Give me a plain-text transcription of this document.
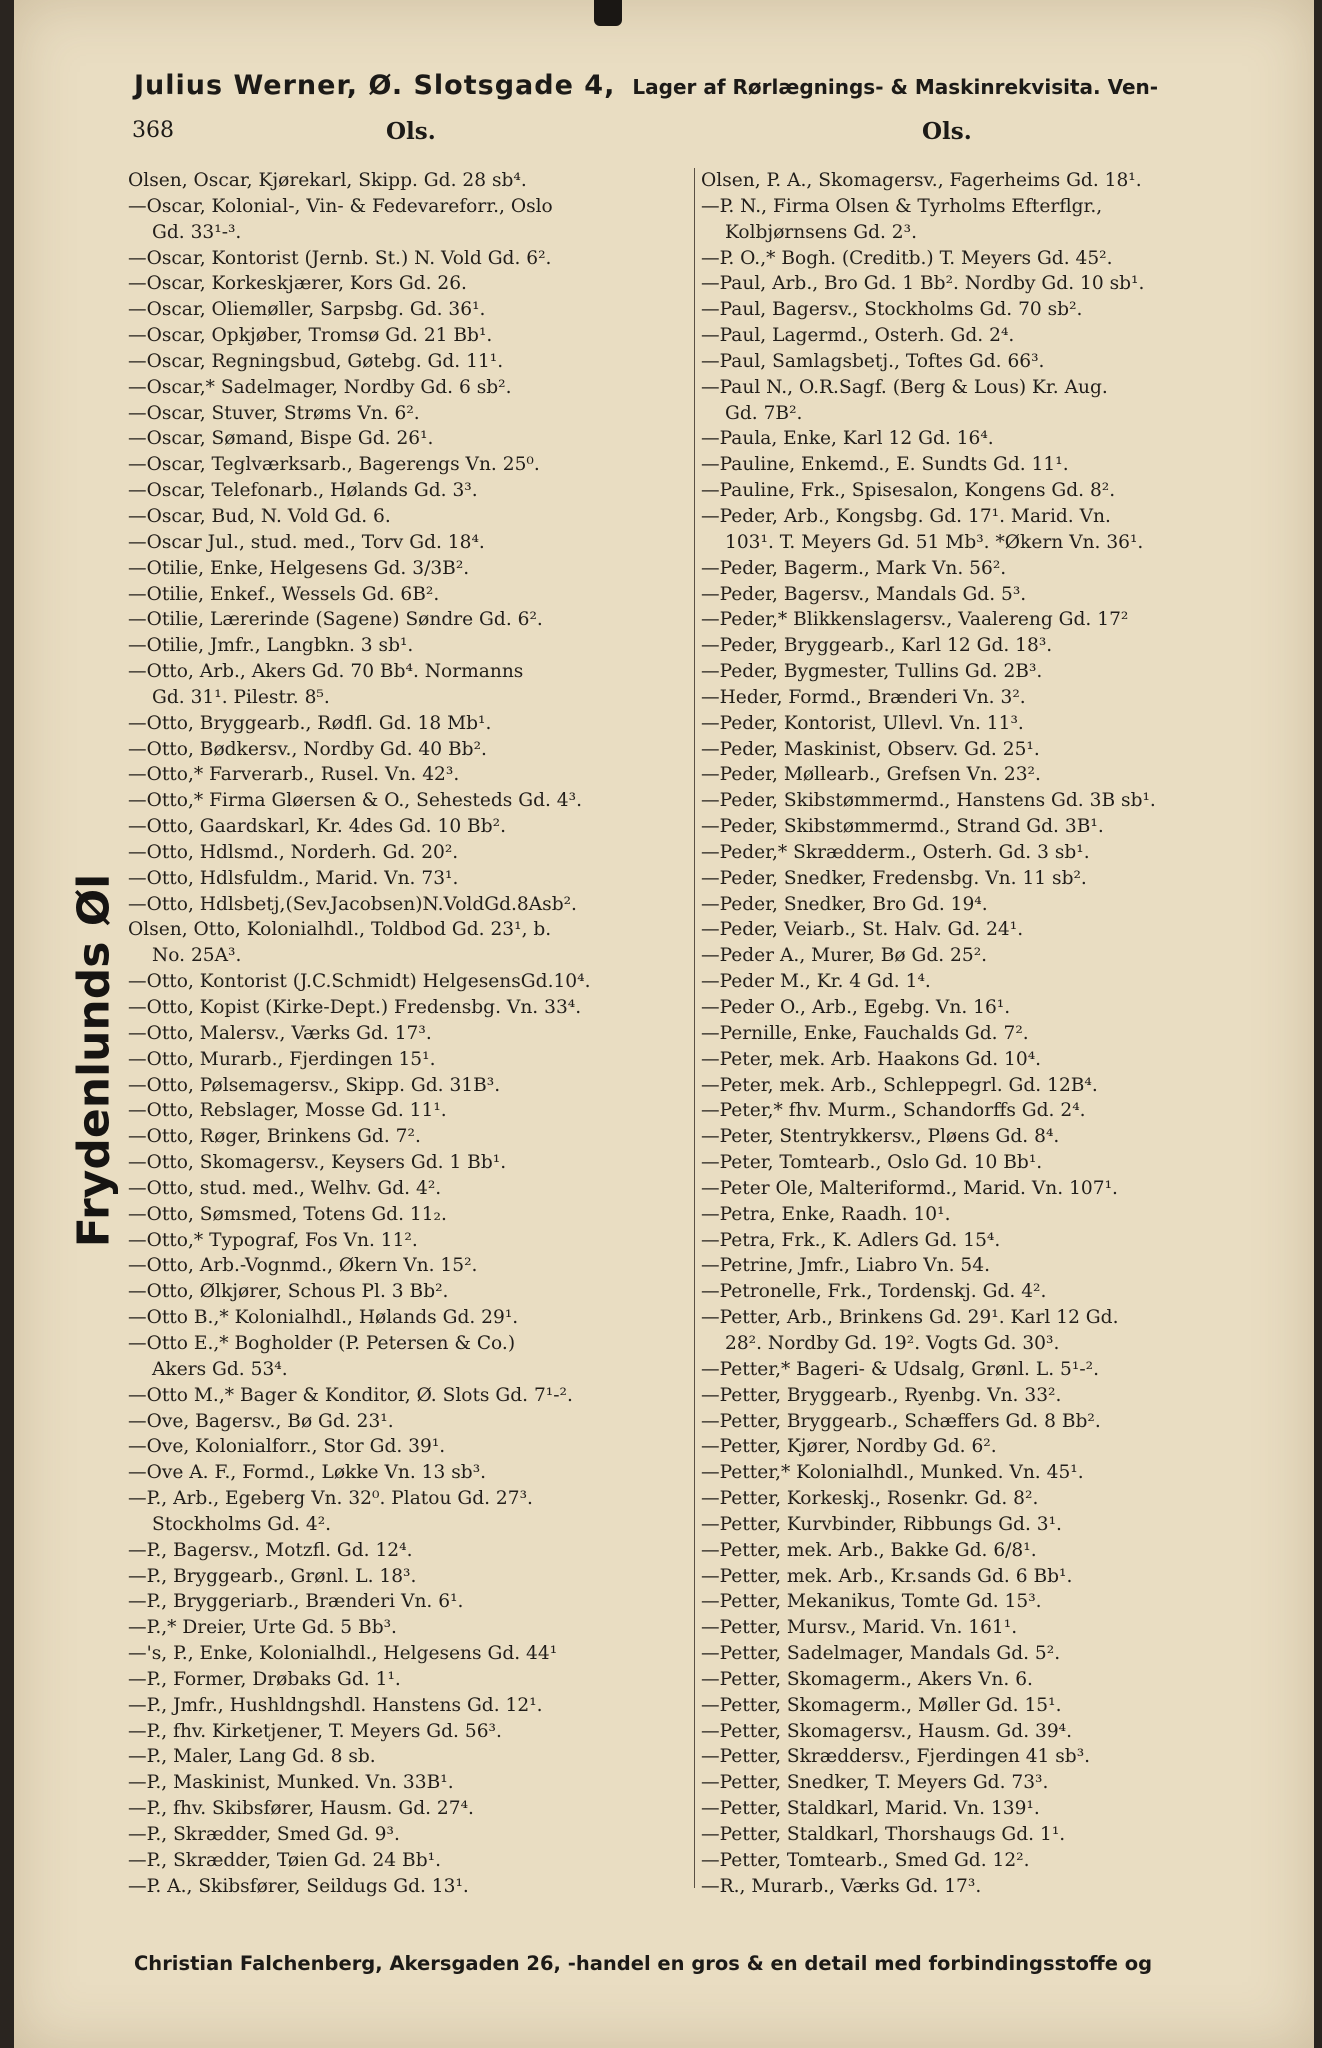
Julius Werner, Ø. Slotsgade 4, Lager af Rørlægnings- & Maskinrekvisita. Ven-
368	Ols.	Ols.
Frydenlunds Øl
Olsen, Oscar, Kjørekarl, Skipp. Gd. 28 sb⁴.
—Oscar, Kolonial-, Vin- & Fedevareforr., Oslo
Gd. 33¹-³.
—Oscar, Kontorist (Jernb. St.) N. Vold Gd. 6².
—Oscar, Korkeskjærer, Kors Gd. 26.
—Oscar, Oliemøller, Sarpsbg. Gd. 36¹.
—Oscar, Opkjøber, Tromsø Gd. 21 Bb¹.
—Oscar, Regningsbud, Gøtebg. Gd. 11¹.
—Oscar,* Sadelmager, Nordby Gd. 6 sb².
—Oscar, Stuver, Strøms Vn. 6².
—Oscar, Sømand, Bispe Gd. 26¹.
—Oscar, Teglværksarb., Bagerengs Vn. 25⁰.
—Oscar, Telefonarb., Hølands Gd. 3³.
—Oscar, Bud, N. Vold Gd. 6.
—Oscar Jul., stud. med., Torv Gd. 18⁴.
—Otilie, Enke, Helgesens Gd. 3/3B².
—Otilie, Enkef., Wessels Gd. 6B².
—Otilie, Lærerinde (Sagene) Søndre Gd. 6².
—Otilie, Jmfr., Langbkn. 3 sb¹.
—Otto, Arb., Akers Gd. 70 Bb⁴. Normanns
Gd. 31¹. Pilestr. 8⁵.
—Otto, Bryggearb., Rødfl. Gd. 18 Mb¹.
—Otto, Bødkersv., Nordby Gd. 40 Bb².
—Otto,* Farverarb., Rusel. Vn. 42³.
—Otto,* Firma Gløersen & O., Sehesteds Gd. 4³.
—Otto, Gaardskarl, Kr. 4des Gd. 10 Bb².
—Otto, Hdlsmd., Norderh. Gd. 20².
—Otto, Hdlsfuldm., Marid. Vn. 73¹.
—Otto, Hdlsbetj,(Sev.Jacobsen)N.VoldGd.8Asb².
Olsen, Otto, Kolonialhdl., Toldbod Gd. 23¹, b.
No. 25A³.
—Otto, Kontorist (J.C.Schmidt) HelgesensGd.10⁴.
—Otto, Kopist (Kirke-Dept.) Fredensbg. Vn. 33⁴.
—Otto, Malersv., Værks Gd. 17³.
—Otto, Murarb., Fjerdingen 15¹.
—Otto, Pølsemagersv., Skipp. Gd. 31B³.
—Otto, Rebslager, Mosse Gd. 11¹.
—Otto, Røger, Brinkens Gd. 7².
—Otto, Skomagersv., Keysers Gd. 1 Bb¹.
—Otto, stud. med., Welhv. Gd. 4².
—Otto, Sømsmed, Totens Gd. 11₂.
—Otto,* Typograf, Fos Vn. 11².
—Otto, Arb.-Vognmd., Økern Vn. 15².
—Otto, Ølkjører, Schous Pl. 3 Bb².
—Otto B.,* Kolonialhdl., Hølands Gd. 29¹.
—Otto E.,* Bogholder (P. Petersen & Co.)
Akers Gd. 53⁴.
—Otto M.,* Bager & Konditor, Ø. Slots Gd. 7¹-².
—Ove, Bagersv., Bø Gd. 23¹.
—Ove, Kolonialforr., Stor Gd. 39¹.
—Ove A. F., Formd., Løkke Vn. 13 sb³.
—P., Arb., Egeberg Vn. 32⁰. Platou Gd. 27³.
Stockholms Gd. 4².
—P., Bagersv., Motzfl. Gd. 12⁴.
—P., Bryggearb., Grønl. L. 18³.
—P., Bryggeriarb., Brænderi Vn. 6¹.
—P.,* Dreier, Urte Gd. 5 Bb³.
—'s, P., Enke, Kolonialhdl., Helgesens Gd. 44¹
—P., Former, Drøbaks Gd. 1¹.
—P., Jmfr., Hushldngshdl. Hanstens Gd. 12¹.
—P., fhv. Kirketjener, T. Meyers Gd. 56³.
—P., Maler, Lang Gd. 8 sb.
—P., Maskinist, Munked. Vn. 33B¹.
—P., fhv. Skibsfører, Hausm. Gd. 27⁴.
—P., Skrædder, Smed Gd. 9³.
—P., Skrædder, Tøien Gd. 24 Bb¹.
—P. A., Skibsfører, Seildugs Gd. 13¹.
Olsen, P. A., Skomagersv., Fagerheims Gd. 18¹.
—P. N., Firma Olsen & Tyrholms Efterflgr.,
Kolbjørnsens Gd. 2³.
—P. O.,* Bogh. (Creditb.) T. Meyers Gd. 45².
—Paul, Arb., Bro Gd. 1 Bb². Nordby Gd. 10 sb¹.
—Paul, Bagersv., Stockholms Gd. 70 sb².
—Paul, Lagermd., Osterh. Gd. 2⁴.
—Paul, Samlagsbetj., Toftes Gd. 66³.
—Paul N., O.R.Sagf. (Berg & Lous) Kr. Aug.
Gd. 7B².
—Paula, Enke, Karl 12 Gd. 16⁴.
—Pauline, Enkemd., E. Sundts Gd. 11¹.
—Pauline, Frk., Spisesalon, Kongens Gd. 8².
—Peder, Arb., Kongsbg. Gd. 17¹. Marid. Vn.
103¹. T. Meyers Gd. 51 Mb³. *Økern Vn. 36¹.
—Peder, Bagerm., Mark Vn. 56².
—Peder, Bagersv., Mandals Gd. 5³.
—Peder,* Blikkenslagersv., Vaalereng Gd. 17²
—Peder, Bryggearb., Karl 12 Gd. 18³.
—Peder, Bygmester, Tullins Gd. 2B³.
—Heder, Formd., Brænderi Vn. 3².
—Peder, Kontorist, Ullevl. Vn. 11³.
—Peder, Maskinist, Observ. Gd. 25¹.
—Peder, Møllearb., Grefsen Vn. 23².
—Peder, Skibstømmermd., Hanstens Gd. 3B sb¹.
—Peder, Skibstømmermd., Strand Gd. 3B¹.
—Peder,* Skrædderm., Osterh. Gd. 3 sb¹.
—Peder, Snedker, Fredensbg. Vn. 11 sb².
—Peder, Snedker, Bro Gd. 19⁴.
—Peder, Veiarb., St. Halv. Gd. 24¹.
—Peder A., Murer, Bø Gd. 25².
—Peder M., Kr. 4 Gd. 1⁴.
—Peder O., Arb., Egebg. Vn. 16¹.
—Pernille, Enke, Fauchalds Gd. 7².
—Peter, mek. Arb. Haakons Gd. 10⁴.
—Peter, mek. Arb., Schleppegrl. Gd. 12B⁴.
—Peter,* fhv. Murm., Schandorffs Gd. 2⁴.
—Peter, Stentrykkersv., Pløens Gd. 8⁴.
—Peter, Tomtearb., Oslo Gd. 10 Bb¹.
—Peter Ole, Malteriformd., Marid. Vn. 107¹.
—Petra, Enke, Raadh. 10¹.
—Petra, Frk., K. Adlers Gd. 15⁴.
—Petrine, Jmfr., Liabro Vn. 54.
—Petronelle, Frk., Tordenskj. Gd. 4².
—Petter, Arb., Brinkens Gd. 29¹. Karl 12 Gd.
28². Nordby Gd. 19². Vogts Gd. 30³.
—Petter,* Bageri- & Udsalg, Grønl. L. 5¹-².
—Petter, Bryggearb., Ryenbg. Vn. 33².
—Petter, Bryggearb., Schæffers Gd. 8 Bb².
—Petter, Kjører, Nordby Gd. 6².
—Petter,* Kolonialhdl., Munked. Vn. 45¹.
—Petter, Korkeskj., Rosenkr. Gd. 8².
—Petter, Kurvbinder, Ribbungs Gd. 3¹.
—Petter, mek. Arb., Bakke Gd. 6/8¹.
—Petter, mek. Arb., Kr.sands Gd. 6 Bb¹.
—Petter, Mekanikus, Tomte Gd. 15³.
—Petter, Mursv., Marid. Vn. 161¹.
—Petter, Sadelmager, Mandals Gd. 5².
—Petter, Skomagerm., Akers Vn. 6.
—Petter, Skomagerm., Møller Gd. 15¹.
—Petter, Skomagersv., Hausm. Gd. 39⁴.
—Petter, Skræddersv., Fjerdingen 41 sb³.
—Petter, Snedker, T. Meyers Gd. 73³.
—Petter, Staldkarl, Marid. Vn. 139¹.
—Petter, Staldkarl, Thorshaugs Gd. 1¹.
—Petter, Tomtearb., Smed Gd. 12².
—R., Murarb., Værks Gd. 17³.
Christian Falchenberg, Akersgaden 26, -handel en gros & en detail med forbindingsstoffe og
